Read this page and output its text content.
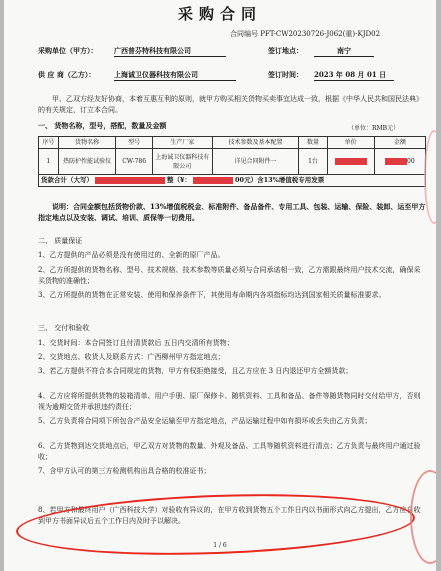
采购合同
合同编号 PFT-CW20230726-J062(重)-KJD02
采购单位（甲方）： 广西普芬特科技有限公司	签订地点：	南宁
供 应 商（乙方）：	上海诚卫仪器科技有限公司	签订时间： 2023 年 08 月 01 日
甲、乙双方经友好协商，本着互惠互利的原则，就甲方购买相关货物买卖事宜达成一致，根据《中华人民共和国民法典》的有关规定，订立本合同。
一、 货物名称，型号，搭配，数量及金额	（单位：RMB元）
序号	货物名称	型号	生产厂家	技术参数及基本配置	数量	单价	金额
1	热防护性能试验仪	CW-786	上海诚卫仪器科技有限公司	详见合同附件一	1台		00
货款合计（大写） 整（¥： 00元）含13%增值税专用发票							
说明：合同金额包括货物价款、13%增值税税金、标准附件、备品备件、专用工具、包装、运输、保险、装卸、运至甲方指定地点以及安装、调试、培训、质保等一切费用。
二、 质量保证
1、乙方提供的产品必须是没有使用过的、全新的原厂产品。
2、乙方所提供的货物名称、型号、技术规格、技术参数等质量必须与合同承诺相一致，乙方需跟最终用户技术交流，确保采买货物的准确性；
3、乙方所提供的货物在正常安装、使用和保养条件下，其使用寿命期内各项指标均达到国家相关质量标准要求。
三、 交付和验收
1、交货时间：本合同签订且付清货款后 五日内交清所有货物；
2、交货地点、收货人及联系方式：广西柳州甲方指定地点；
3、若乙方提供不符合本合同规定的货物，甲方有权拒绝接受，且乙方应在 3 日内退还甲方全额货款；
4、乙方应将所提供货物的装箱清单、用户手册、原厂保修卡、随机资料、工具和备品、备件等随货物同时交付给甲方，否则视为逾期交货并承担违约责任；
5、乙方负责将合同项下所包含产品安全运输至甲方指定地点，产品运输过程中如有损坏或丢失由乙方负责；
6、乙方货物到达交货地点后，甲乙双方对货物的数量、外观及备品、工具等随机资料进行清点；乙方负责与最终用户通过验收；
7、含甲方认可的第三方检测机构出具合格的校准证书；
8、若甲方和最终用户（广西科技大学）对验收有异议的，在甲方收到货物五个工作日内以书面形式向乙方提出，乙方应自收到甲方书面异议后五个工作日内及时予以解决。
1 / 6
